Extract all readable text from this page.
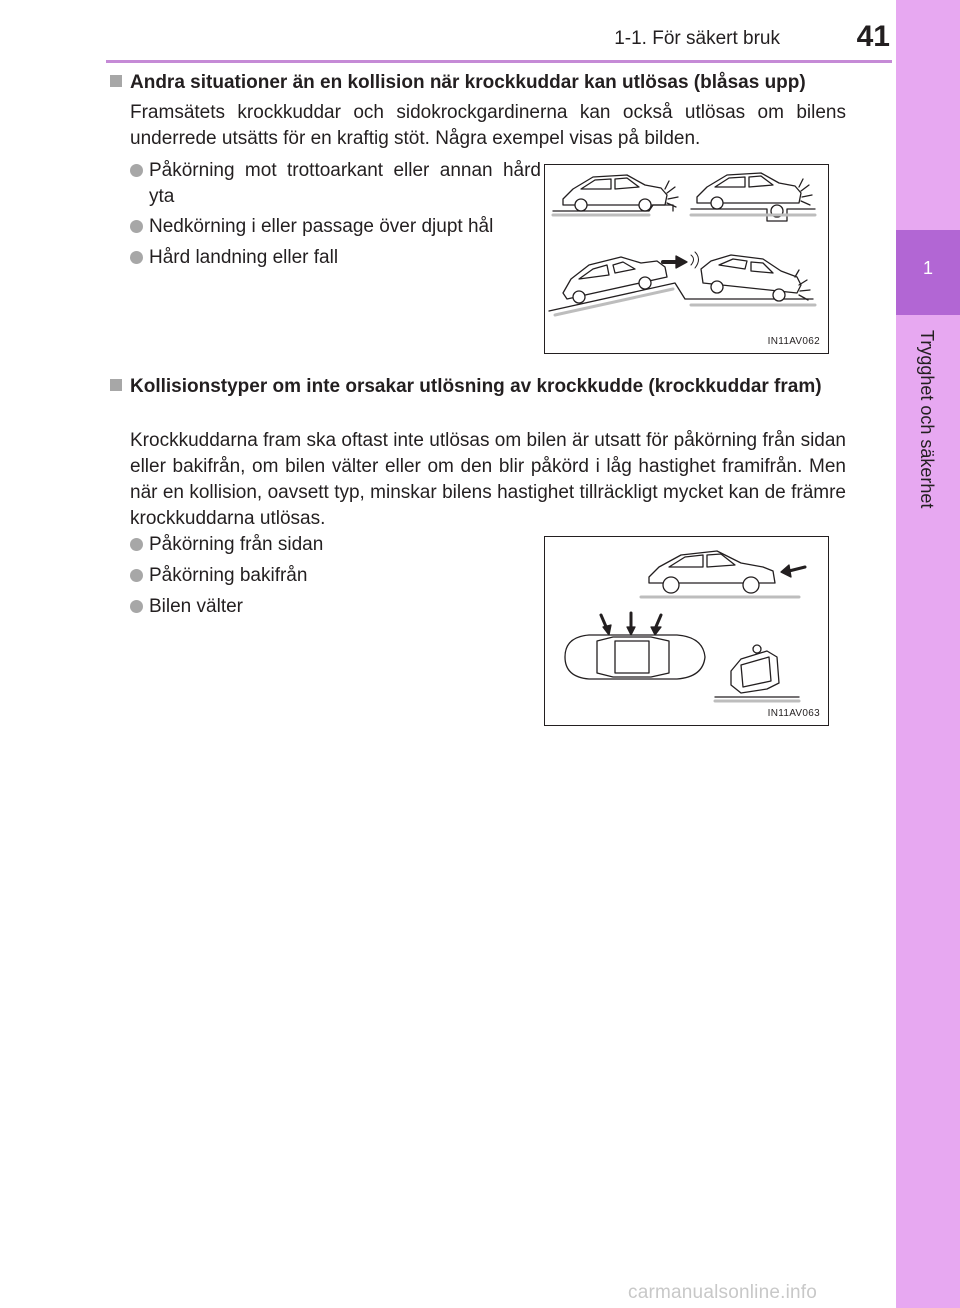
1-1. För säkert bruk	41
1
Trygghet och säkerhet
Andra situationer än en kollision när krockkuddar kan utlösas (blåsas upp)
Framsätets krockkuddar och sidokrockgardinerna kan också utlösas om bilens underrede utsätts för en kraftig stöt. Några exempel visas på bilden.
Påkörning mot trottoarkant eller annan hård yta
Nedkörning i eller passage över djupt hål
Hård landning eller fall
IN11AV062
Kollisionstyper om inte orsakar utlösning av krockkudde (krockkuddar fram)
Krockkuddarna fram ska oftast inte utlösas om bilen är utsatt för påkörning från sidan eller bakifrån, om bilen välter eller om den blir påkörd i låg hastighet framifrån. Men när en kollision, oavsett typ, minskar bilens hastighet tillräckligt mycket kan de främre krockkuddarna utlösas.
Påkörning från sidan
Påkörning bakifrån
Bilen välter
IN11AV063
carmanualsonline.info
